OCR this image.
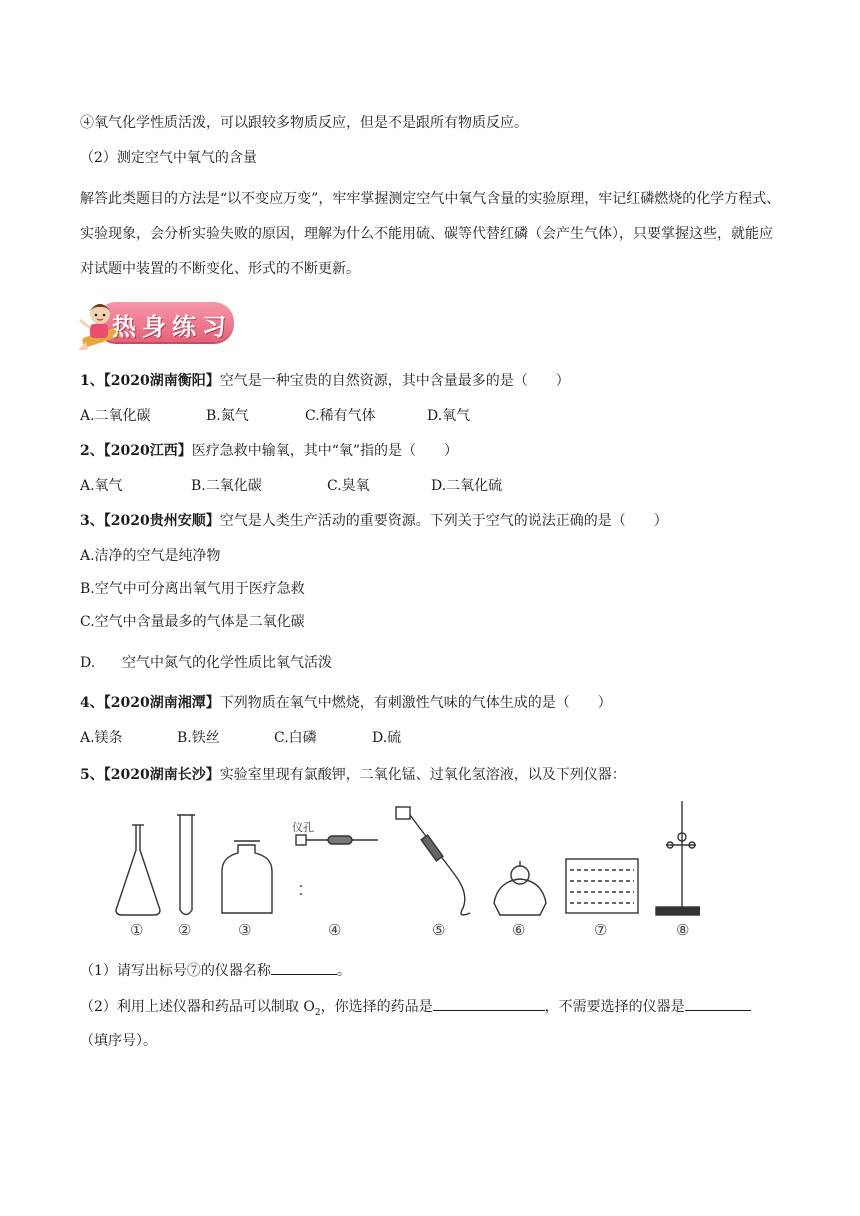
④氧气化学性质活泼，可以跟较多物质反应，但是不是跟所有物质反应。
（2）测定空气中氧气的含量
解答此类题目的方法是“以不变应万变”，牢牢掌握测定空气中氧气含量的实验原理，牢记红磷燃烧的化学方程式、实验现象，会分析实验失败的原因，理解为什么不能用硫、碳等代替红磷（会产生气体），只要掌握这些，就能应对试题中装置的不断变化、形式的不断更新。
热身练习
1、【2020湖南衡阳】空气是一种宝贵的自然资源，其中含量最多的是（　　）
A.二氧化碳	B.氮气	C.稀有气体	D.氧气
2、【2020江西】医疗急救中输氧，其中“氧”指的是（　　）
A.氧气	B.二氧化碳	C.臭氧	D.二氧化硫
3、【2020贵州安顺】空气是人类生产活动的重要资源。下列关于空气的说法正确的是（　　）
A.洁净的空气是纯净物
B.空气中可分离出氧气用于医疗急救
C.空气中含量最多的气体是二氧化碳
D. 空气中氮气的化学性质比氧气活泼
4、【2020湖南湘潭】下列物质在氧气中燃烧，有刺激性气味的气体生成的是（　　）
A.镁条	B.铁丝	C.白磷	D.硫
5、【2020湖南长沙】实验室里现有氯酸钾，二氧化锰、过氧化氢溶液，以及下列仪器：
仪孔
① ②	③	④	⑤	⑥	⑦	⑧
（1）请写出标号⑦的仪器名称	。
（2）利用上述仪器和药品可以制取 $O_2$，你选择的药品是	，不需要选择的仪器是
（填序号）。
